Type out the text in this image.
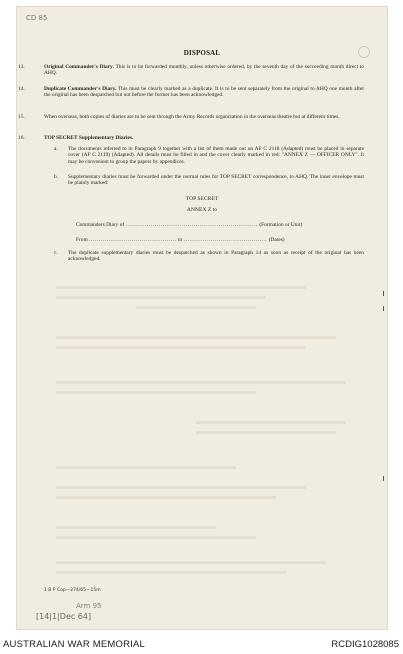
CD 85
DISPOSAL
13.	Original Commander's Diary. This is to be forwarded monthly, unless otherwise ordered, by the seventh day of the succeeding month direct to AHQ.
14.	Duplicate Commander's Diary. This must be clearly marked as a duplicate. It is to be sent separately from the original to AHQ one month after the original has been despatched but not before the former has been acknowledged.
15.	When overseas, both copies of diaries are to be sent through the Army Records organization in the overseas theatre but at different times.
16.	TOP SECRET Supplementary Diaries.
a. The documents referred to in Paragraph 9 together with a list of them made out on AF C 2118 (Adapted) must be placed in separate cover (AF C 2119) (Adapted). All details must be filled in and the cover clearly marked in red: "ANNEX Z — OFFICER ONLY". It may be convenient to group the papers by appendices.
b. Supplementary diaries must be forwarded under the normal rules for TOP SECRET correspondence, to AHQ. The inner envelope must be plainly marked:
TOP SECRET
ANNEX Z to
Commanders Diary of .................................................................... (Formation or Unit)
From ............................................. to ........................................... (Dates)
c. The duplicate supplementary diaries must be despatched as shown in Paragraph 14 as soon as receipt of the original has been acknowledged.
1 B P Cop—274/65—15m
Arm 95
[14|1|Dec 64]
AUSTRALIAN WAR MEMORIAL	RCDIG1028085
